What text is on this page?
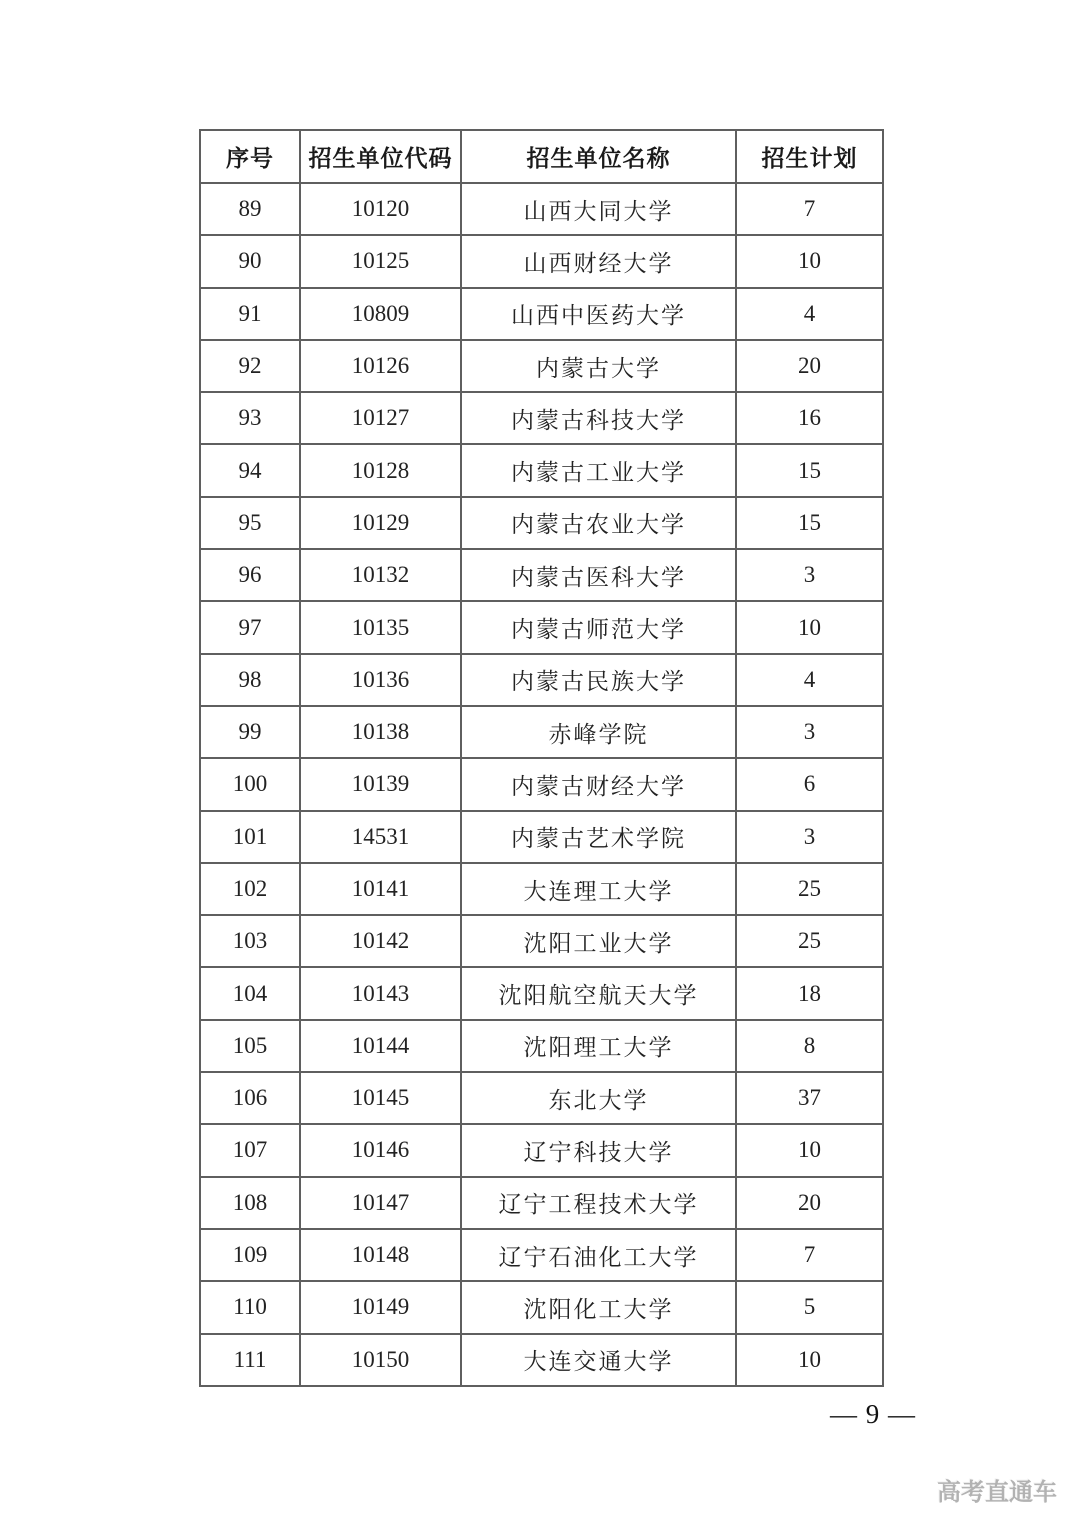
序号	招生单位代码	招生单位名称	招生计划
89	10120	山西大同大学	7
90	10125	山西财经大学	10
91	10809	山西中医药大学	4
92	10126	内蒙古大学	20
93	10127	内蒙古科技大学	16
94	10128	内蒙古工业大学	15
95	10129	内蒙古农业大学	15
96	10132	内蒙古医科大学	3
97	10135	内蒙古师范大学	10
98	10136	内蒙古民族大学	4
99	10138	赤峰学院	3
100	10139	内蒙古财经大学	6
101	14531	内蒙古艺术学院	3
102	10141	大连理工大学	25
103	10142	沈阳工业大学	25
104	10143	沈阳航空航天大学	18
105	10144	沈阳理工大学	8
106	10145	东北大学	37
107	10146	辽宁科技大学	10
108	10147	辽宁工程技术大学	20
109	10148	辽宁石油化工大学	7
110	10149	沈阳化工大学	5
111	10150	大连交通大学	10
— 9 —
高考直通车
